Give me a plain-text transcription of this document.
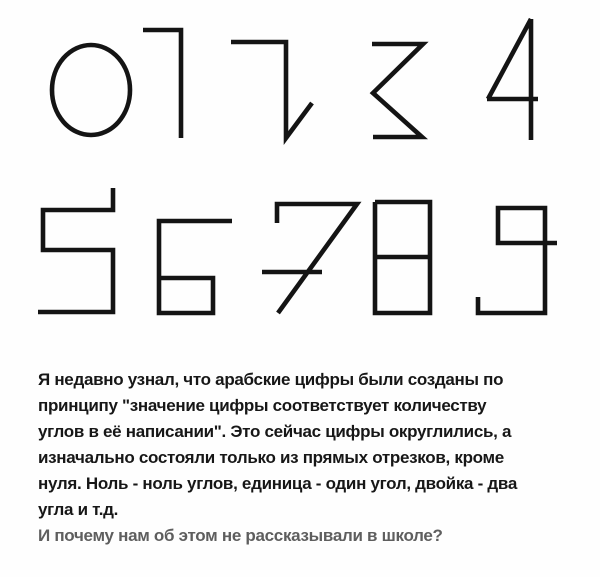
Я недавно узнал, что арабские цифры были созданы по
принципу "значение цифры соответствует количеству
углов в её написании". Это сейчас цифры округлились, а
изначально состояли только из прямых отрезков, кроме
нуля. Ноль - ноль углов, единица - один угол, двойка - два
угла и т.д.
И почему нам об этом не рассказывали в школе?
